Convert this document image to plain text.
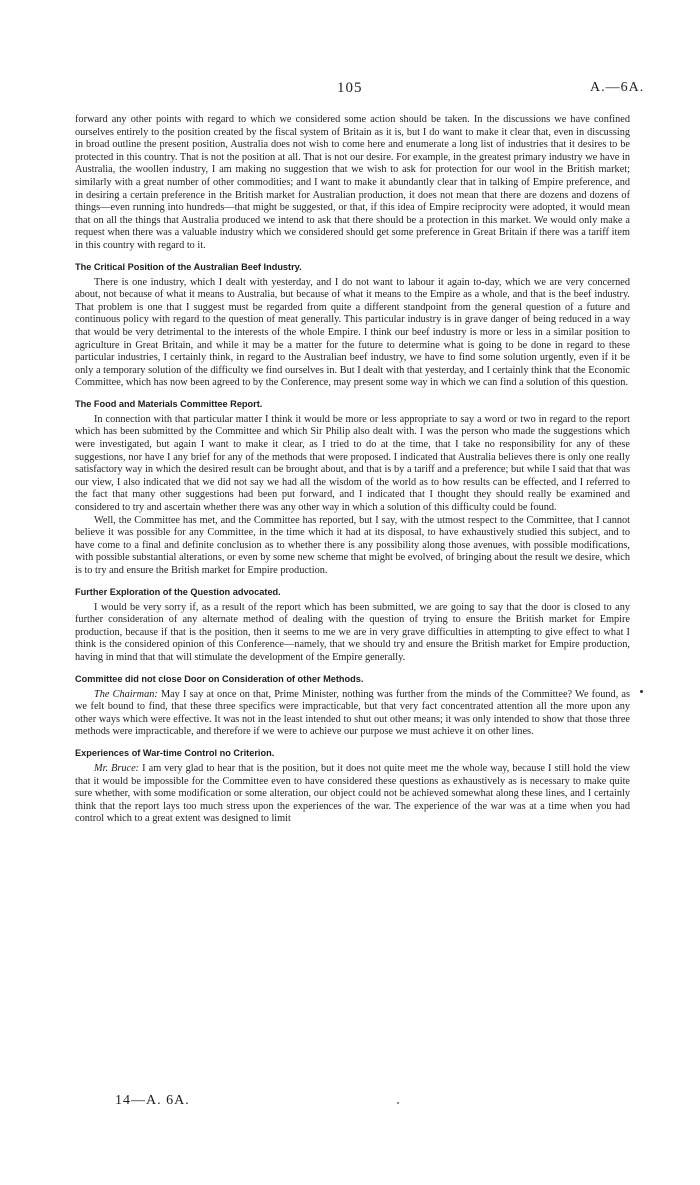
105	A.—6A.

forward any other points with regard to which we considered some action should be taken. In the discussions we have confined ourselves entirely to the position created by the fiscal system of Britain as it is, but I do want to make it clear that, even in discussing in broad outline the present position, Australia does not wish to come here and enumerate a long list of industries that it desires to be protected in this country. That is not the position at all. That is not our desire. For example, in the greatest primary industry we have in Australia, the woollen industry, I am making no suggestion that we wish to ask for protection for our wool in the British market; similarly with a great number of other commodities; and I want to make it abundantly clear that in talking of Empire preference, and in desiring a certain preference in the British market for Australian production, it does not mean that there are dozens and dozens of things—even running into hundreds—that might be suggested, or that, if this idea of Empire reciprocity were adopted, it would mean that on all the things that Australia produced we intend to ask that there should be a protection in this market. We would only make a request when there was a valuable industry which we considered should get some preference in Great Britain if there was a tariff item in this country with regard to it.

The Critical Position of the Australian Beef Industry.

There is one industry, which I dealt with yesterday, and I do not want to labour it again to-day, which we are very concerned about, not because of what it means to Australia, but because of what it means to the Empire as a whole, and that is the beef industry. That problem is one that I suggest must be regarded from quite a different standpoint from the general question of a future and continuous policy with regard to the question of meat generally. This particular industry is in grave danger of being reduced in a way that would be very detrimental to the interests of the whole Empire. I think our beef industry is more or less in a similar position to agriculture in Great Britain, and while it may be a matter for the future to determine what is going to be done in regard to these particular industries, I certainly think, in regard to the Australian beef industry, we have to find some solution urgently, even if it be only a temporary solution of the difficulty we find ourselves in. But I dealt with that yesterday, and I certainly think that the Economic Committee, which has now been agreed to by the Conference, may present some way in which we can find a solution of this question.

The Food and Materials Committee Report.

In connection with that particular matter I think it would be more or less appropriate to say a word or two in regard to the report which has been submitted by the Committee and which Sir Philip also dealt with. I was the person who made the suggestions which were investigated, but again I want to make it clear, as I tried to do at the time, that I take no responsibility for any of these suggestions, nor have I any brief for any of the methods that were proposed. I indicated that Australia believes there is only one really satisfactory way in which the desired result can be brought about, and that is by a tariff and a preference; but while I said that that was our view, I also indicated that we did not say we had all the wisdom of the world as to how results can be effected, and I referred to the fact that many other suggestions had been put forward, and I indicated that I thought they should really be examined and considered to try and ascertain whether there was any other way in which a solution of this difficulty could be found.

Well, the Committee has met, and the Committee has reported, but I say, with the utmost respect to the Committee, that I cannot believe it was possible for any Committee, in the time which it had at its disposal, to have exhaustively studied this subject, and to have come to a final and definite conclusion as to whether there is any possibility along those avenues, with possible modifications, with possible substantial alterations, or even by some new scheme that might be evolved, of bringing about the result we desire, which is to try and ensure the British market for Empire production.

Further Exploration of the Question advocated.

I would be very sorry if, as a result of the report which has been submitted, we are going to say that the door is closed to any further consideration of any alternate method of dealing with the question of trying to ensure the British market for Empire production, because if that is the position, then it seems to me we are in very grave difficulties in attempting to give effect to what I think is the considered opinion of this Conference—namely, that we should try and ensure the British market for Empire production, having in mind that that will stimulate the development of the Empire generally.

Committee did not close Door on Consideration of other Methods.

The Chairman: May I say at once on that, Prime Minister, nothing was further from the minds of the Committee? We found, as we felt bound to find, that these three specifics were impracticable, but that very fact concentrated attention all the more upon any other ways which were effective. It was not in the least intended to shut out other means; it was only intended to show that those three methods were impracticable, and therefore if we were to achieve our purpose we must achieve it on other lines.

Experiences of War-time Control no Criterion.

Mr. Bruce: I am very glad to hear that is the position, but it does not quite meet me the whole way, because I still hold the view that it would be impossible for the Committee even to have considered these questions as exhaustively as is necessary to make quite sure whether, with some modification or some alteration, our object could not be achieved somewhat along these lines, and I certainly think that the report lays too much stress upon the experiences of the war. The experience of the war was at a time when you had control which to a great extent was designed to limit

14—A. 6A.
